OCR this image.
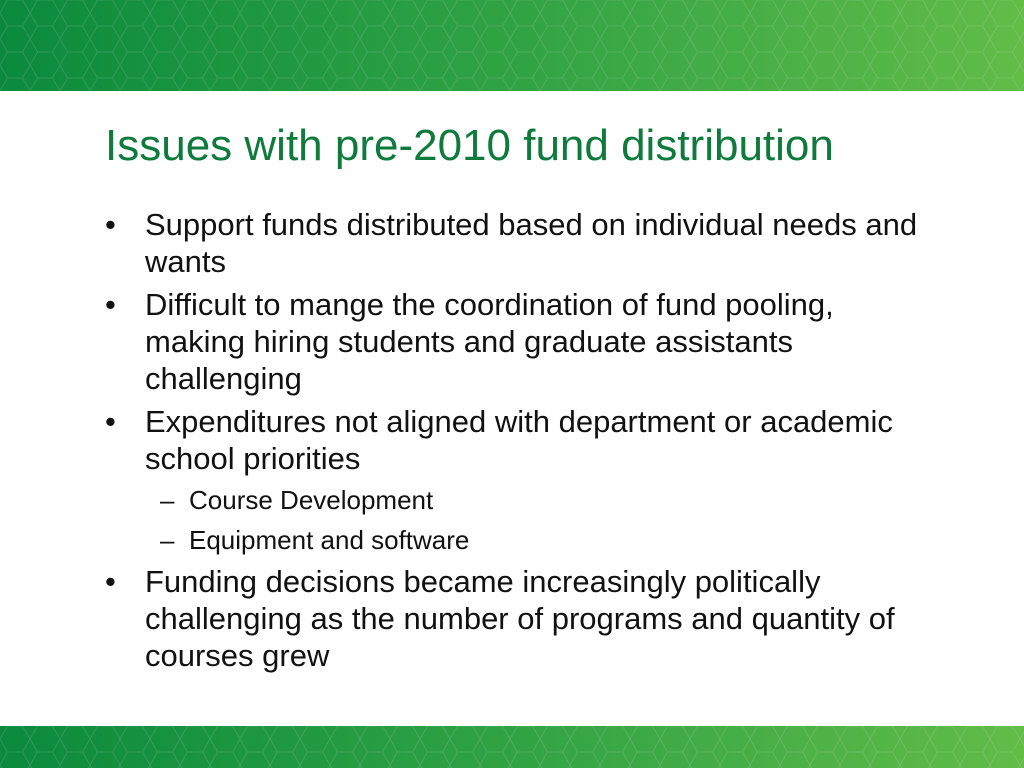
Issues with pre-2010 fund distribution
• Support funds distributed based on individual needs and wants
• Difficult to mange the coordination of fund pooling, making hiring students and graduate assistants challenging
• Expenditures not aligned with department or academic school priorities
– Course Development
– Equipment and software
• Funding decisions became increasingly politically challenging as the number of programs and quantity of courses grew
